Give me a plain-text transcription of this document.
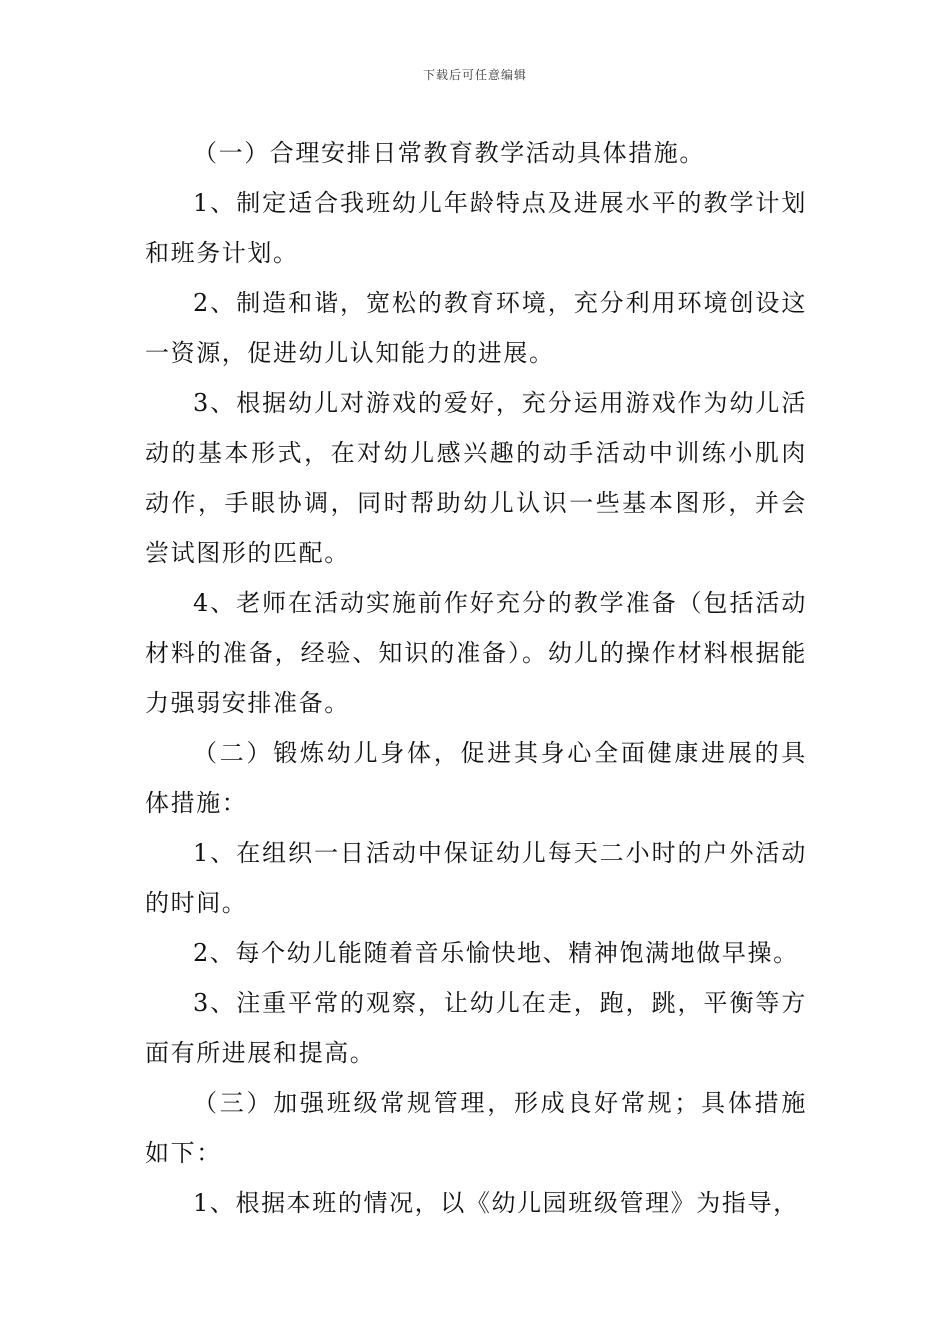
下载后可任意编辑

（一）合理安排日常教育教学活动具体措施。

1、制定适合我班幼儿年龄特点及进展水平的教学计划和班务计划。

2、制造和谐，宽松的教育环境，充分利用环境创设这一资源，促进幼儿认知能力的进展。

3、根据幼儿对游戏的爱好，充分运用游戏作为幼儿活动的基本形式，在对幼儿感兴趣的动手活动中训练小肌肉动作，手眼协调，同时帮助幼儿认识一些基本图形，并会尝试图形的匹配。

4、老师在活动实施前作好充分的教学准备（包括活动材料的准备，经验、知识的准备）。幼儿的操作材料根据能力强弱安排准备。

（二）锻炼幼儿身体，促进其身心全面健康进展的具体措施：

1、在组织一日活动中保证幼儿每天二小时的户外活动的时间。

2、每个幼儿能随着音乐愉快地、精神饱满地做早操。

3、注重平常的观察，让幼儿在走，跑，跳，平衡等方面有所进展和提高。

（三）加强班级常规管理，形成良好常规；具体措施如下：

1、根据本班的情况，以《幼儿园班级管理》为指导，
